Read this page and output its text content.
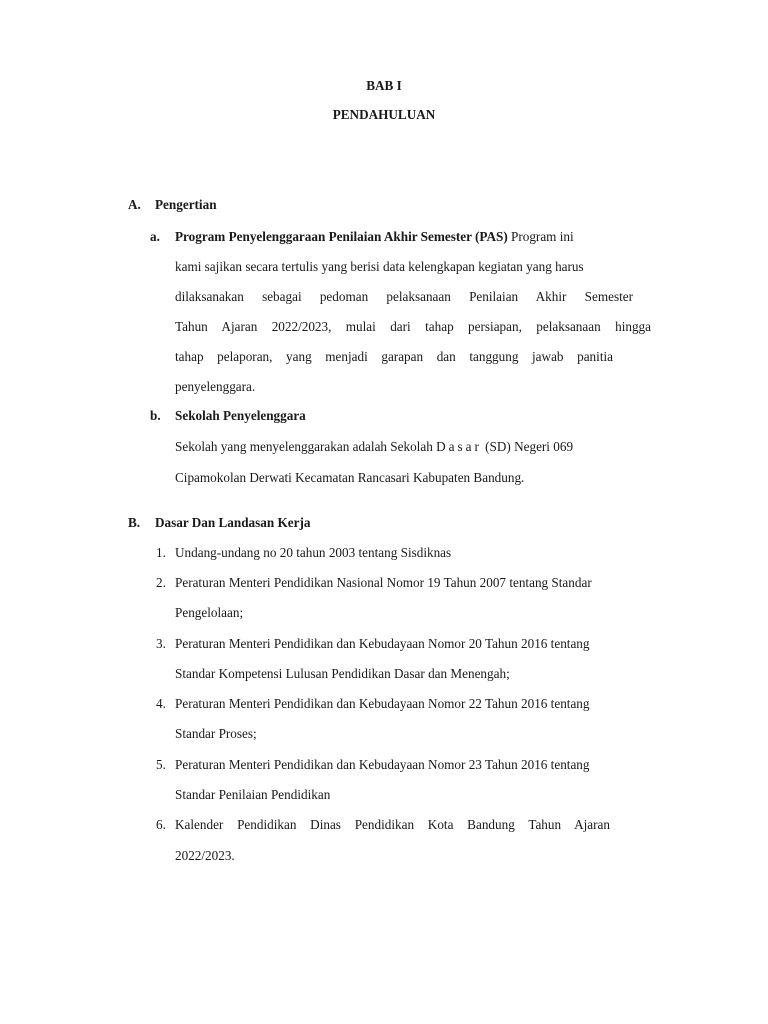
BAB I
PENDAHULUAN
A. Pengertian
a. Program Penyelenggaraan Penilaian Akhir Semester (PAS) Program ini
kami sajikan secara tertulis yang berisi data kelengkapan kegiatan yang harus
dilaksanakan sebagai pedoman pelaksanaan Penilaian Akhir Semester
Tahun Ajaran 2022/2023, mulai dari tahap persiapan, pelaksanaan hingga
tahap pelaporan, yang menjadi garapan dan tanggung jawab panitia
penyelenggara.
b. Sekolah Penyelenggara
Sekolah yang menyelenggarakan adalah Sekolah Dasar (SD) Negeri 069
Cipamokolan Derwati Kecamatan Rancasari Kabupaten Bandung.
B. Dasar Dan Landasan Kerja
1. Undang-undang no 20 tahun 2003 tentang Sisdiknas
2. Peraturan Menteri Pendidikan Nasional Nomor 19 Tahun 2007 tentang Standar
Pengelolaan;
3. Peraturan Menteri Pendidikan dan Kebudayaan Nomor 20 Tahun 2016 tentang
Standar Kompetensi Lulusan Pendidikan Dasar dan Menengah;
4. Peraturan Menteri Pendidikan dan Kebudayaan Nomor 22 Tahun 2016 tentang
Standar Proses;
5. Peraturan Menteri Pendidikan dan Kebudayaan Nomor 23 Tahun 2016 tentang
Standar Penilaian Pendidikan
6. Kalender Pendidikan Dinas Pendidikan Kota Bandung Tahun Ajaran
2022/2023.
